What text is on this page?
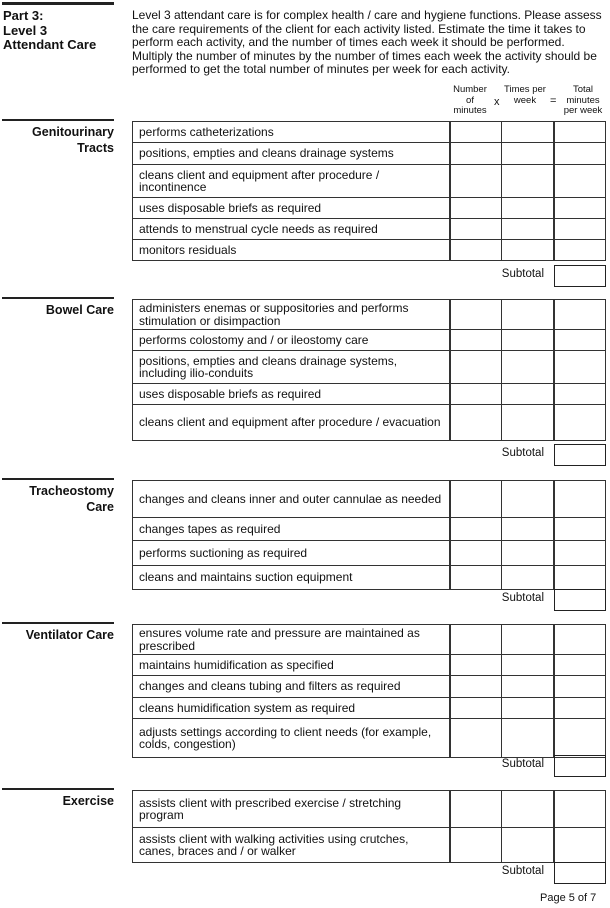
Part 3:
Level 3
Attendant Care
Level 3 attendant care is for complex health / care and hygiene functions. Please assess the care requirements of the client for each activity listed. Estimate the time it takes to perform each activity, and the number of times each week it should be performed. Multiply the number of minutes by the number of times each week the activity should be performed to get the total number of minutes per week for each activity.
Number of minutes
x
Times per week	=
Total minutes per week
Genitourinary Tracts
performs catheterizations
positions, empties and cleans drainage systems
cleans client and equipment after procedure / incontinence
uses disposable briefs as required
attends to menstrual cycle needs as required
monitors residuals
Subtotal
Bowel Care	administers enemas or suppositories and performs stimulation or disimpaction
performs colostomy and / or ileostomy care
positions, empties and cleans drainage systems, including ilio-conduits
uses disposable briefs as required
cleans client and equipment after procedure / evacuation
Subtotal
Tracheostomy Care
changes and cleans inner and outer cannulae as needed
changes tapes as required
performs suctioning as required
cleans and maintains suction equipment
Subtotal
Ventilator Care	ensures volume rate and pressure are maintained as prescribed
maintains humidification as specified
changes and cleans tubing and filters as required
cleans humidification system as required
adjusts settings according to client needs (for example, colds, congestion)
Subtotal
Exercise	assists client with prescribed exercise / stretching program
assists client with walking activities using crutches, canes, braces and / or walker
Subtotal
Page 5 of 7
